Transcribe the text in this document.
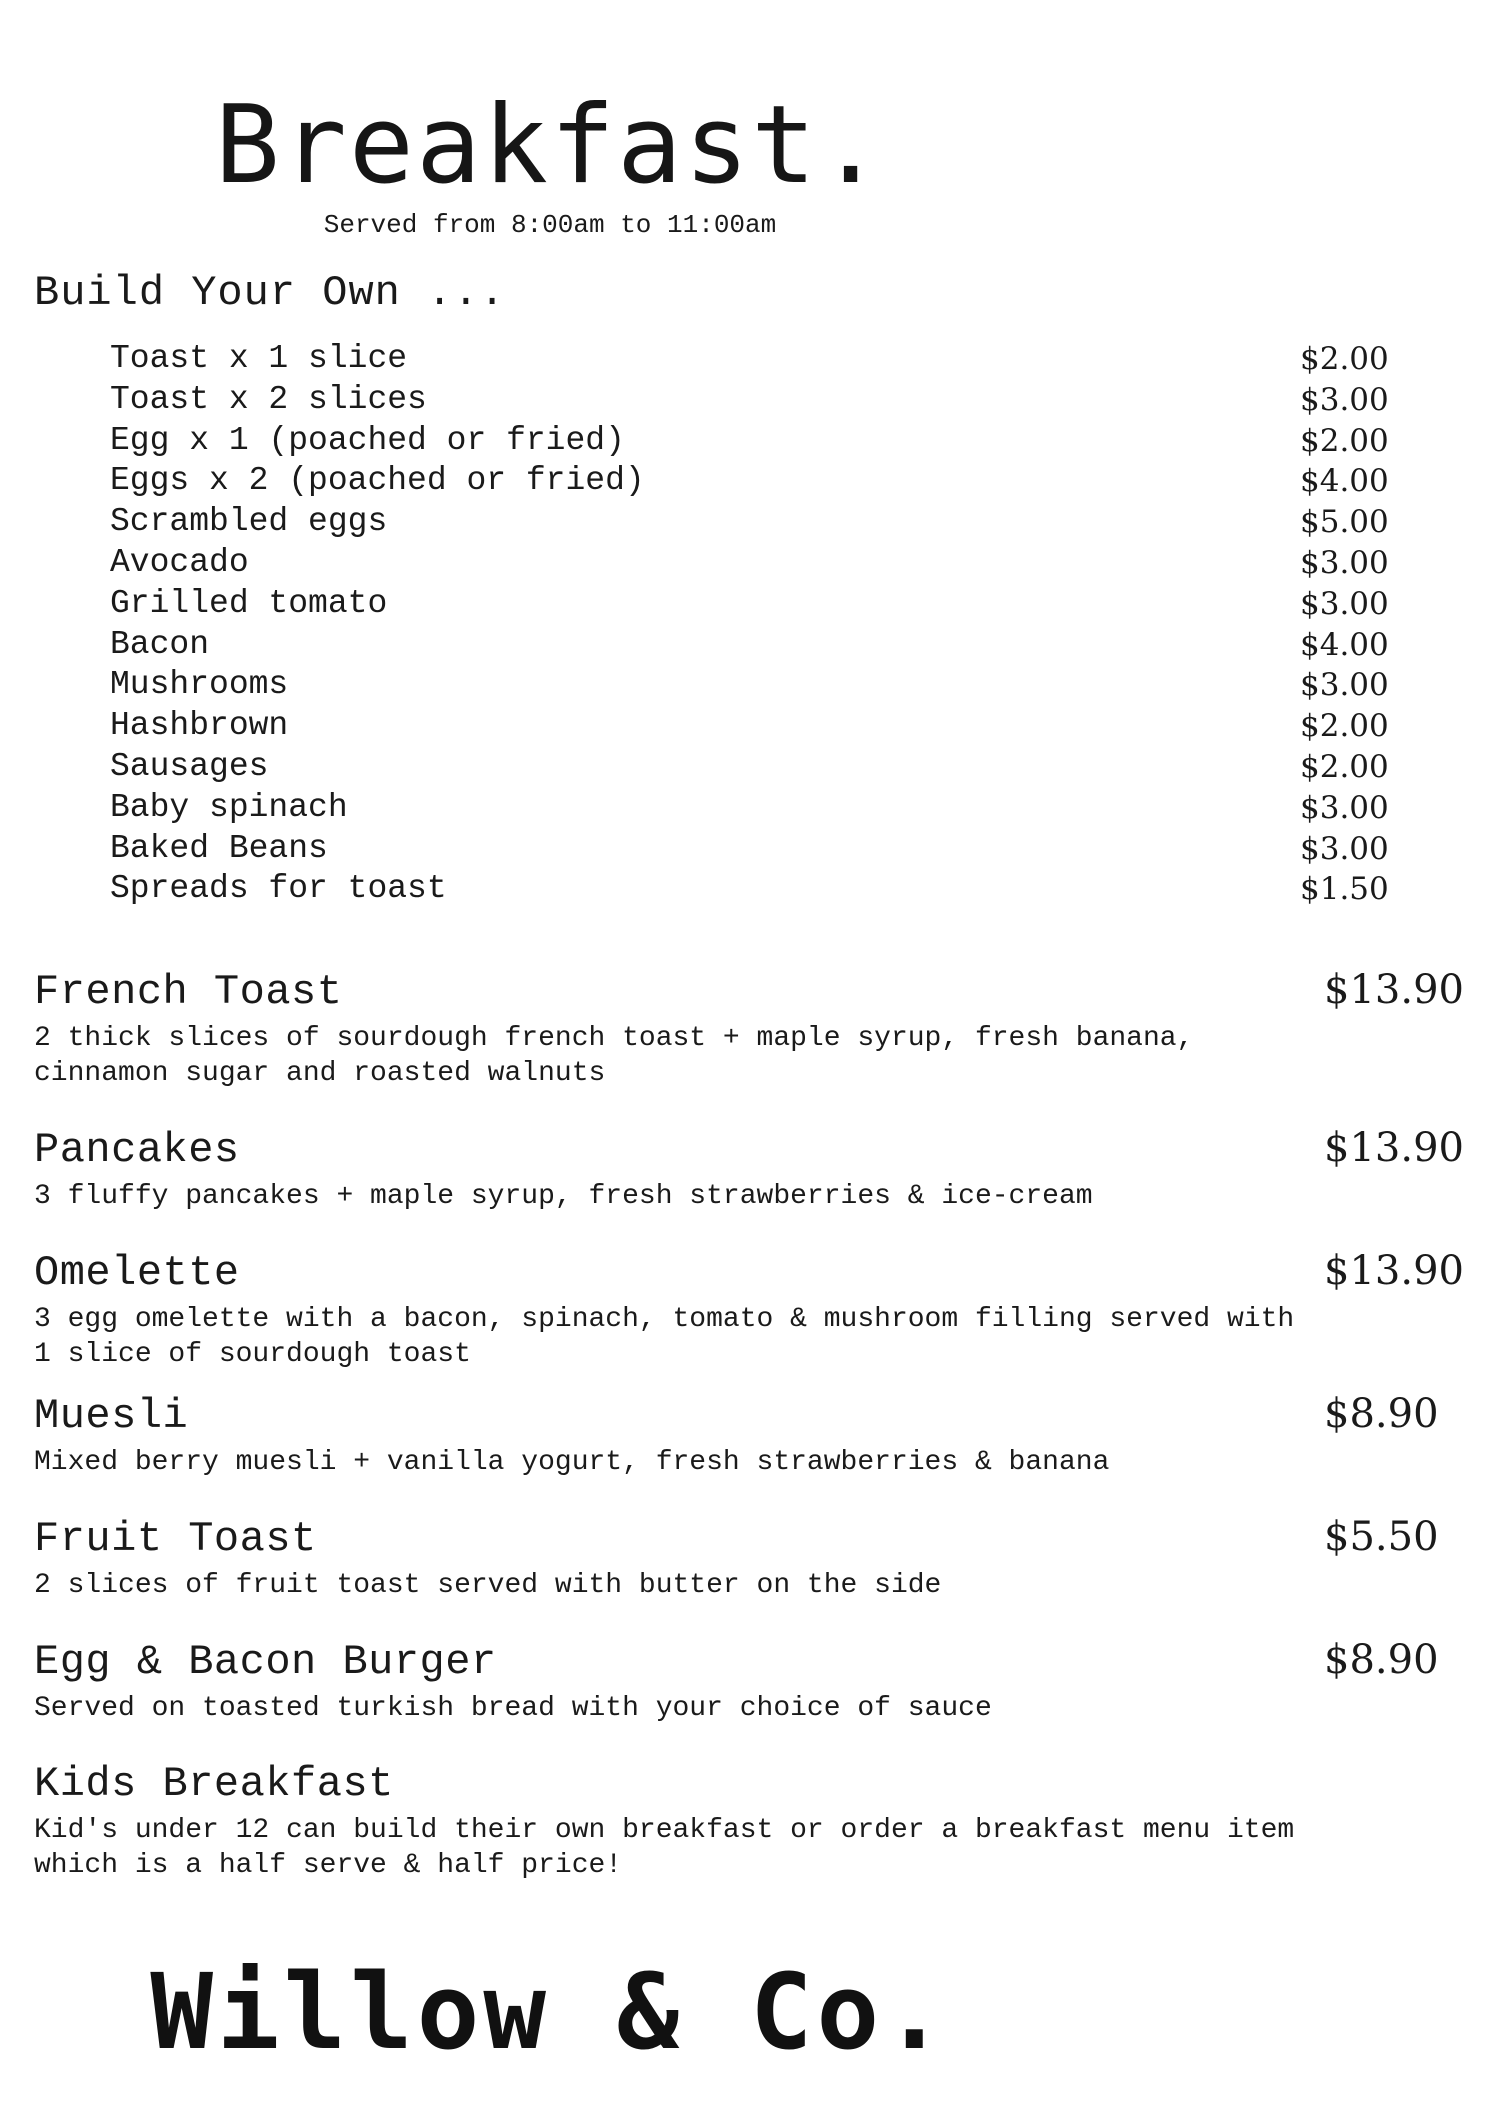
Breakfast.
Served from 8:00am to 11:00am
Build Your Own ...
Toast x 1 slice	$2.00
Toast x 2 slices	$3.00
Egg x 1 (poached or fried)	$2.00
Eggs x 2 (poached or fried)	$4.00
Scrambled eggs	$5.00
Avocado	$3.00
Grilled tomato	$3.00
Bacon	$4.00
Mushrooms	$3.00
Hashbrown	$2.00
Sausages	$2.00
Baby spinach	$3.00
Baked Beans	$3.00
Spreads for toast	$1.50
French Toast	$13.90
2 thick slices of sourdough french toast + maple syrup, fresh banana, cinnamon sugar and roasted walnuts
Pancakes	$13.90
3 fluffy pancakes + maple syrup, fresh strawberries & ice-cream
Omelette	$13.90
3 egg omelette with a bacon, spinach, tomato & mushroom filling served with 1 slice of sourdough toast
Muesli	$8.90
Mixed berry muesli + vanilla yogurt, fresh strawberries & banana
Fruit Toast	$5.50
2 slices of fruit toast served with butter on the side
Egg & Bacon Burger	$8.90
Served on toasted turkish bread with your choice of sauce
Kids Breakfast
Kid's under 12 can build their own breakfast or order a breakfast menu item which is a half serve & half price!
Willow & Co.
